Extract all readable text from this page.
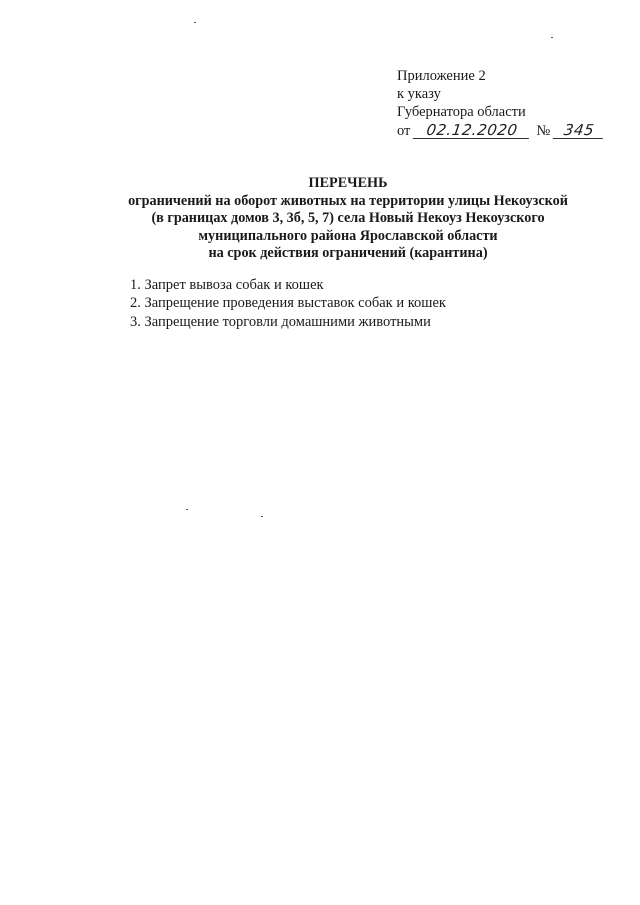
Приложение 2
к указу
Губернатора области
от 02.12.2020 № 345
ПЕРЕЧЕНЬ
ограничений на оборот животных на территории улицы Некоузской
(в границах домов 3, 3б, 5, 7) села Новый Некоуз Некоузского
муниципального района Ярославской области
на срок действия ограничений (карантина)
1. Запрет вывоза собак и кошек
2. Запрещение проведения выставок собак и кошек
3. Запрещение торговли домашними животными
